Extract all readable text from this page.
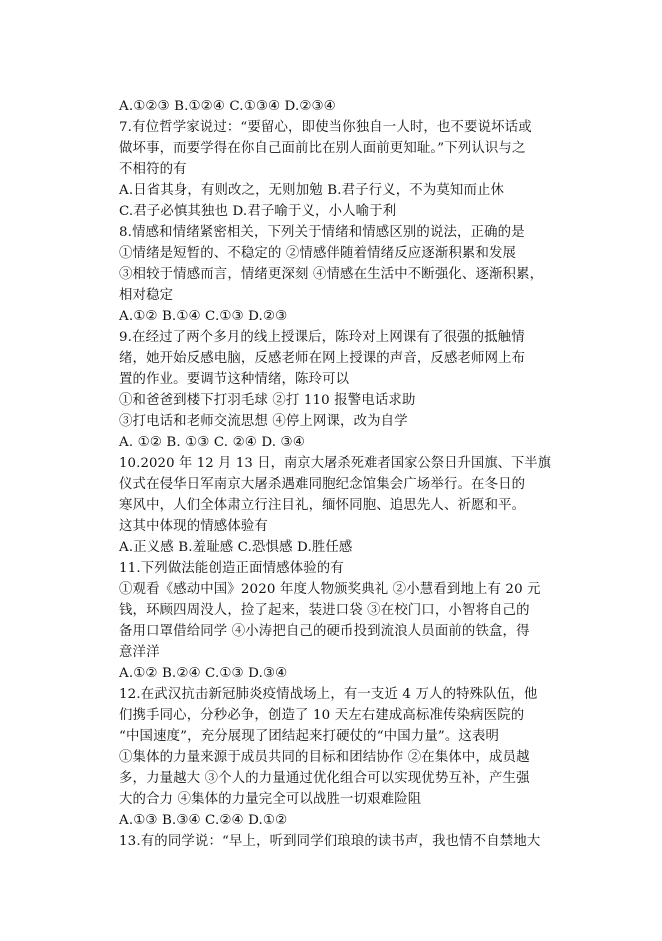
A.①②③ B.①②④ C.①③④ D.②③④
7.有位哲学家说过：“要留心，即使当你独自一人时，也不要说坏话或
做坏事，而要学得在你自己面前比在别人面前更知耻。”下列认识与之
不相符的有
A.日省其身，有则改之，无则加勉 B.君子行义，不为莫知而止休
C.君子必慎其独也 D.君子喻于义，小人喻于利
8.情感和情绪紧密相关，下列关于情绪和情感区别的说法，正确的是
①情绪是短暂的、不稳定的 ②情感伴随着情绪反应逐渐积累和发展
③相较于情感而言，情绪更深刻 ④情感在生活中不断强化、逐渐积累，
相对稳定
A.①② B.①④ C.①③ D.②③
9.在经过了两个多月的线上授课后，陈玲对上网课有了很强的抵触情
绪，她开始反感电脑，反感老师在网上授课的声音，反感老师网上布
置的作业。要调节这种情绪，陈玲可以
①和爸爸到楼下打羽毛球 ②打 110 报警电话求助
③打电话和老师交流思想 ④停上网课，改为自学
A. ①② B. ①③ C. ②④ D. ③④
10.2020 年 12 月 13 日，南京大屠杀死难者国家公祭日升国旗、下半旗
仪式在侵华日军南京大屠杀遇难同胞纪念馆集会广场举行。在冬日的
寒风中，人们全体肃立行注目礼，缅怀同胞、追思先人、祈愿和平。
这其中体现的情感体验有
A.正义感 B.羞耻感 C.恐惧感 D.胜任感
11.下列做法能创造正面情感体验的有
①观看《感动中国》2020 年度人物颁奖典礼 ②小慧看到地上有 20 元
钱，环顾四周没人，捡了起来，装进口袋 ③在校门口，小智将自己的
备用口罩借给同学 ④小涛把自己的硬币投到流浪人员面前的铁盒，得
意洋洋
A.①② B.②④ C.①③ D.③④
12.在武汉抗击新冠肺炎疫情战场上，有一支近 4 万人的特殊队伍，他
们携手同心，分秒必争，创造了 10 天左右建成高标准传染病医院的
“中国速度”，充分展现了团结起来打硬仗的“中国力量”。这表明
①集体的力量来源于成员共同的目标和团结协作 ②在集体中，成员越
多，力量越大 ③个人的力量通过优化组合可以实现优势互补，产生强
大的合力 ④集体的力量完全可以战胜一切艰难险阻
A.①③ B.③④ C.②④ D.①②
13.有的同学说：“早上，听到同学们琅琅的读书声，我也情不自禁地大
